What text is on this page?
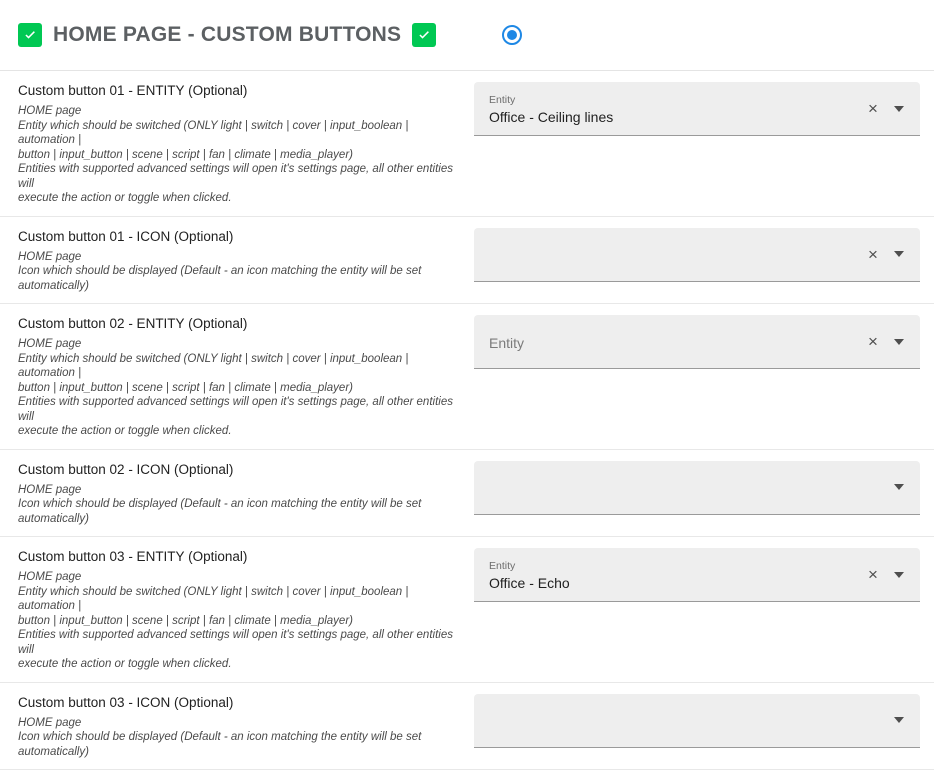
HOME PAGE - CUSTOM BUTTONS
Custom button 01 - ENTITY (Optional)
HOME page
Entity which should be switched (ONLY light | switch | cover | input_boolean | automation |
button | input_button | scene | script | fan | climate | media_player)
Entities with supported advanced settings will open it's settings page, all other entities will
execute the action or toggle when clicked.
Entity
Office - Ceiling lines	×
Custom button 01 - ICON (Optional)
HOME page
Icon which should be displayed (Default - an icon matching the entity will be set
automatically)
×
Custom button 02 - ENTITY (Optional)
HOME page
Entity which should be switched (ONLY light | switch | cover | input_boolean | automation |
button | input_button | scene | script | fan | climate | media_player)
Entities with supported advanced settings will open it's settings page, all other entities will
execute the action or toggle when clicked.
Entity	×
Custom button 02 - ICON (Optional)
HOME page
Icon which should be displayed (Default - an icon matching the entity will be set
automatically)
Custom button 03 - ENTITY (Optional)
HOME page
Entity which should be switched (ONLY light | switch | cover | input_boolean | automation |
button | input_button | scene | script | fan | climate | media_player)
Entities with supported advanced settings will open it's settings page, all other entities will
execute the action or toggle when clicked.
Entity
Office - Echo	×
Custom button 03 - ICON (Optional)
HOME page
Icon which should be displayed (Default - an icon matching the entity will be set
automatically)
